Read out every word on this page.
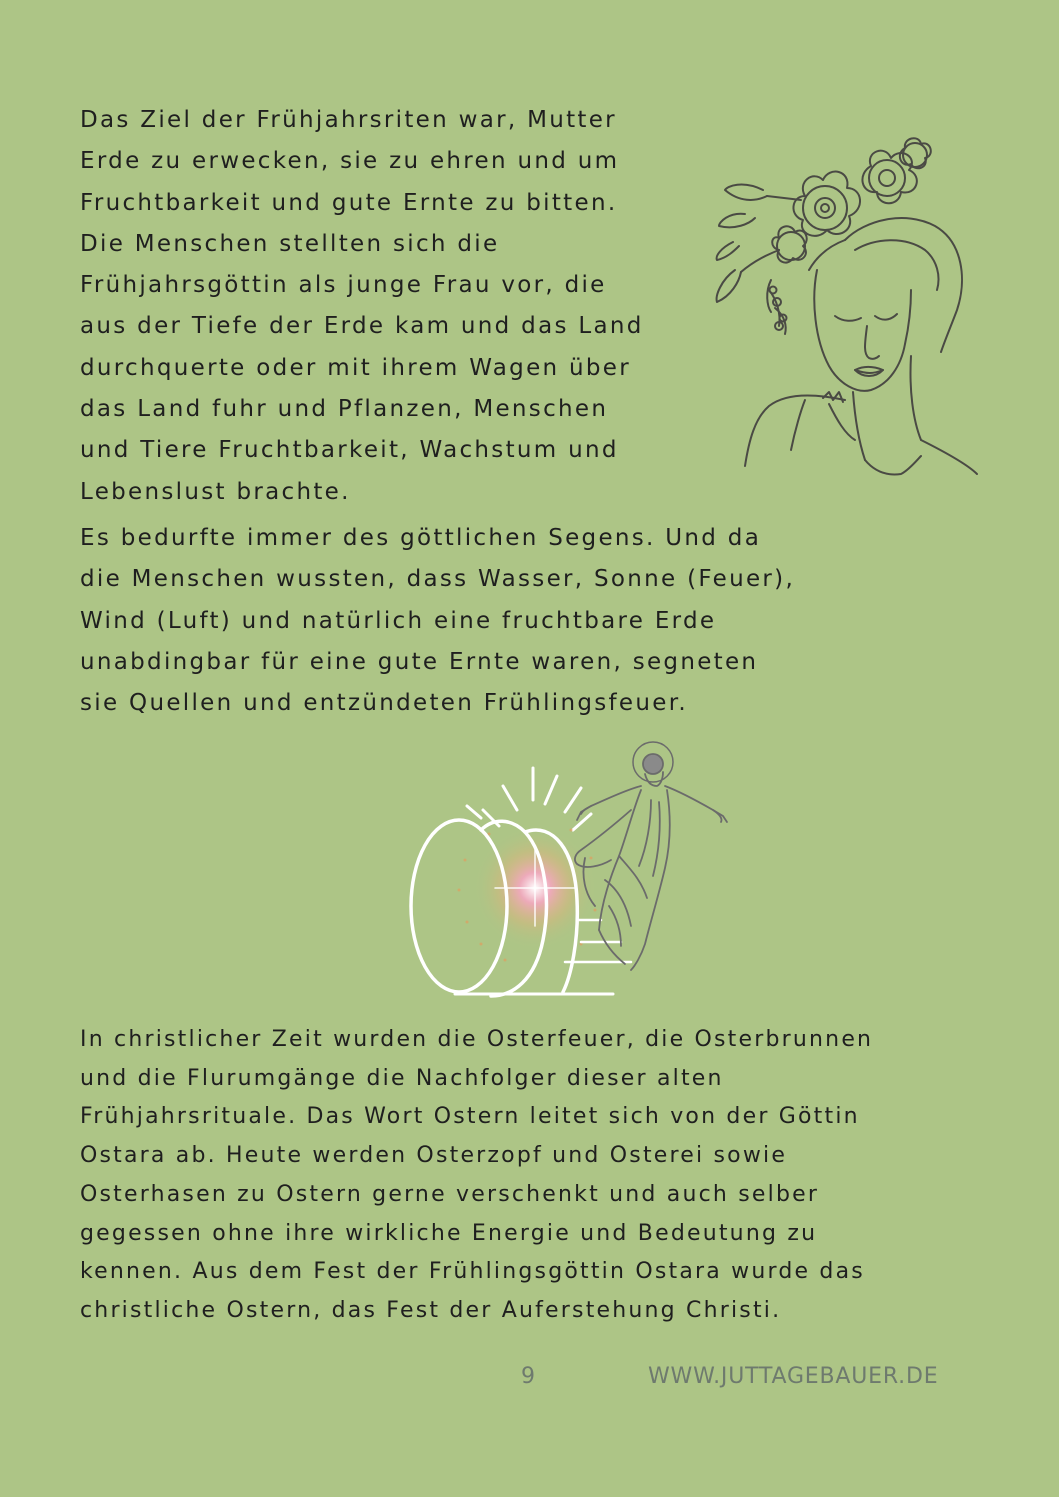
Das Ziel der Frühjahrsriten war, Mutter
Erde zu erwecken, sie zu ehren und um
Fruchtbarkeit und gute Ernte zu bitten.
Die Menschen stellten sich die
Frühjahrsgöttin als junge Frau vor, die
aus der Tiefe der Erde kam und das Land
durchquerte oder mit ihrem Wagen über
das Land fuhr und Pflanzen, Menschen
und Tiere Fruchtbarkeit, Wachstum und
Lebenslust brachte.
Es bedurfte immer des göttlichen Segens. Und da
die Menschen wussten, dass Wasser, Sonne (Feuer),
Wind (Luft) und natürlich eine fruchtbare Erde
unabdingbar für eine gute Ernte waren, segneten
sie Quellen und entzündeten Frühlingsfeuer.
In christlicher Zeit wurden die Osterfeuer, die Osterbrunnen
und die Flurumgänge die Nachfolger dieser alten
Frühjahrsrituale. Das Wort Ostern leitet sich von der Göttin
Ostara ab. Heute werden Osterzopf und Osterei sowie
Osterhasen zu Ostern gerne verschenkt und auch selber
gegessen ohne ihre wirkliche Energie und Bedeutung zu
kennen. Aus dem Fest der Frühlingsgöttin Ostara wurde das
christliche Ostern, das Fest der Auferstehung Christi.

9	WWW.JUTTAGEBAUER.DE
